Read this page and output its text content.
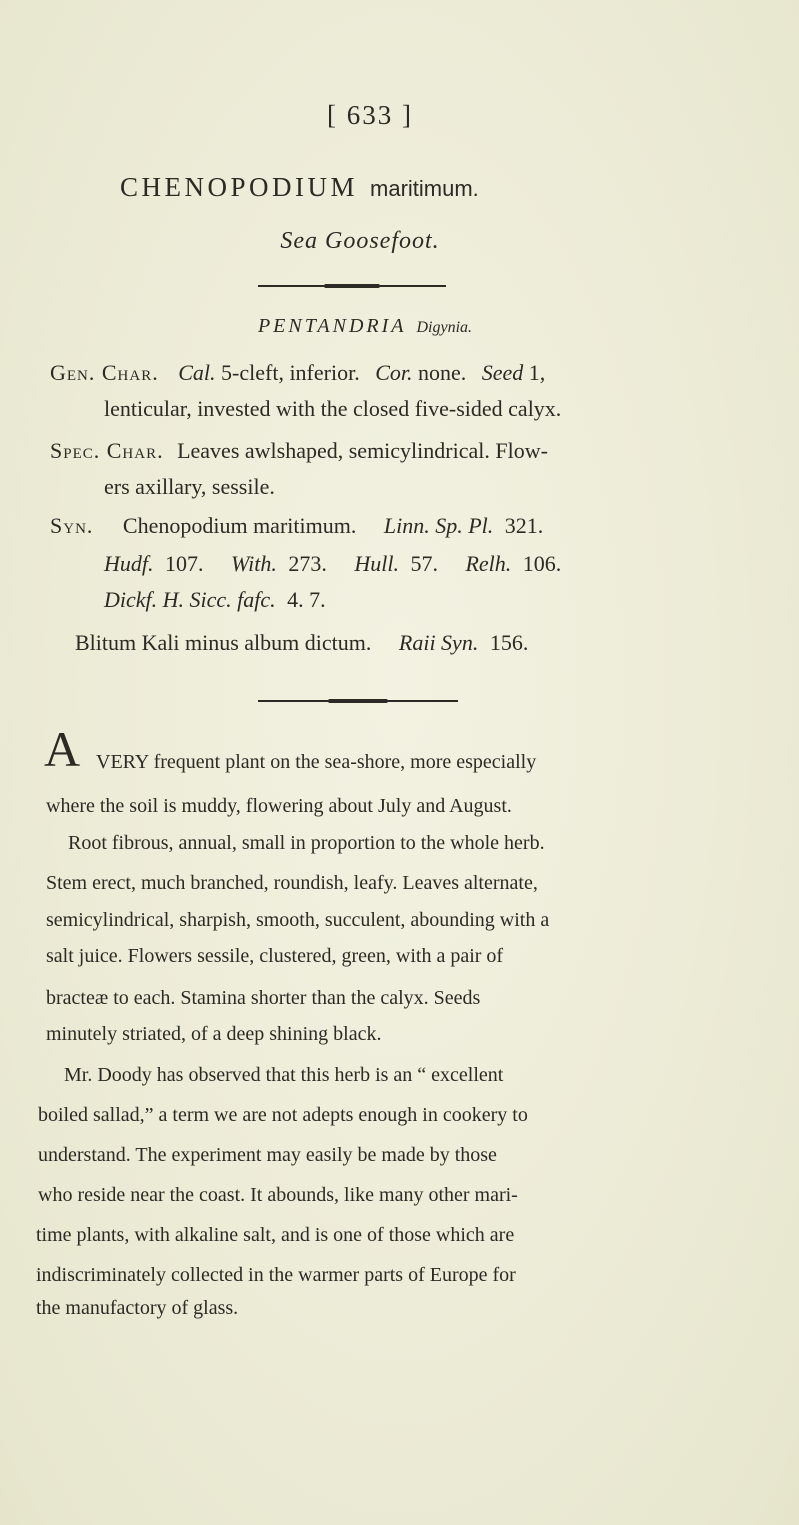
[ 633 ]
CHENOPODIUM maritimum.
Sea Goosefoot.
PENTANDRIA Digynia.
Gen. Char. Cal. 5-cleft, inferior. Cor. none. Seed 1,
lenticular, invested with the closed five-sided calyx.
Spec. Char. Leaves awlshaped, semicylindrical. Flow-
ers axillary, sessile.
Syn. Chenopodium maritimum. Linn. Sp. Pl. 321.
Hudf. 107. With. 273. Hull. 57. Relh. 106.
Dickf. H. Sicc. fafc. 4. 7.
Blitum Kali minus album dictum. Raii Syn. 156.
A VERY frequent plant on the sea-shore, more especially
where the soil is muddy, flowering about July and August.
Root fibrous, annual, small in proportion to the whole herb.
Stem erect, much branched, roundish, leafy. Leaves alternate,
semicylindrical, sharpish, smooth, succulent, abounding with a
salt juice. Flowers sessile, clustered, green, with a pair of
bracteæ to each. Stamina shorter than the calyx. Seeds
minutely striated, of a deep shining black.
Mr. Doody has observed that this herb is an “ excellent
boiled sallad,” a term we are not adepts enough in cookery to
understand. The experiment may easily be made by those
who reside near the coast. It abounds, like many other mari-
time plants, with alkaline salt, and is one of those which are
indiscriminately collected in the warmer parts of Europe for
the manufactory of glass.
